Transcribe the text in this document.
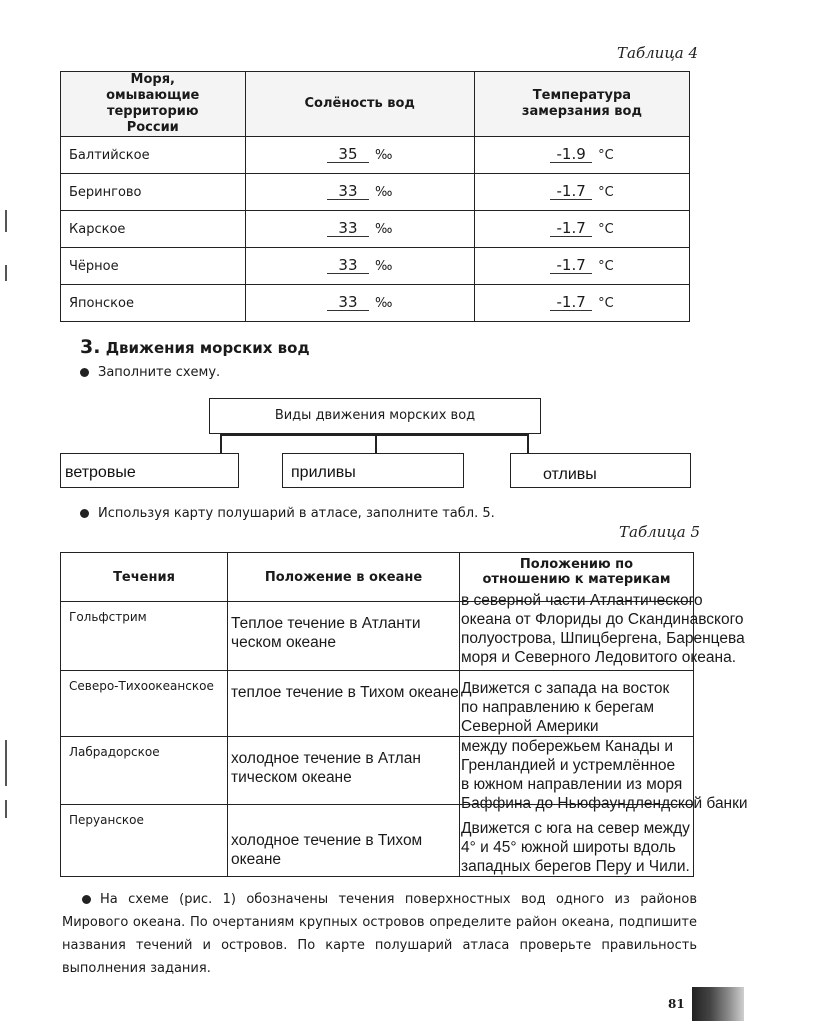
Таблица 4
Моря, омывающие территорию России	Солёность вод	Температура замерзания вод
Балтийское	35 ‰	-1.9 °С
Берингово	33 ‰	-1.7 °С
Карское	33 ‰	-1.7 °С
Чёрное	33 ‰	-1.7 °С
Японское	33 ‰	-1.7 °С
3. Движения морских вод
Заполните схему.
Виды движения морских вод
ветровые	приливы	отливы
Используя карту полушарий в атласе, заполните табл. 5.
Таблица 5
Течения	Положение в океане	Положению по отношению к материкам
Гольфстрим	Теплое течение в Атланти ческом океане	в северной части Атлантического
океана от Флориды до Скандинавского
полуострова, Шпицбергена, Баренцева
моря и Северного Ледовитого океана.

Северо-Тихоокеанское	теплое течение в Тихом океане	Движется с запада на восток
по направлению к берегам
Северной Америки

Лабрадорское	холодное течение в Атлан тическом океане	между побережьем Канады и
Гренландией и устремлённое
в южном направлении из моря
Баффина до Ньюфаундлендской банки

Перуанское	холодное течение в Тихом океане	Движется с юга на север между
4° и 45° южной широты вдоль
западных берегов Перу и Чили.
На схеме (рис. 1) обозначены течения поверхностных вод одного из районов Мирового океана. По очертаниям крупных островов определите район океана, подпишите названия течений и островов. По карте полушарий атласа проверьте правильность выполнения задания.
81
